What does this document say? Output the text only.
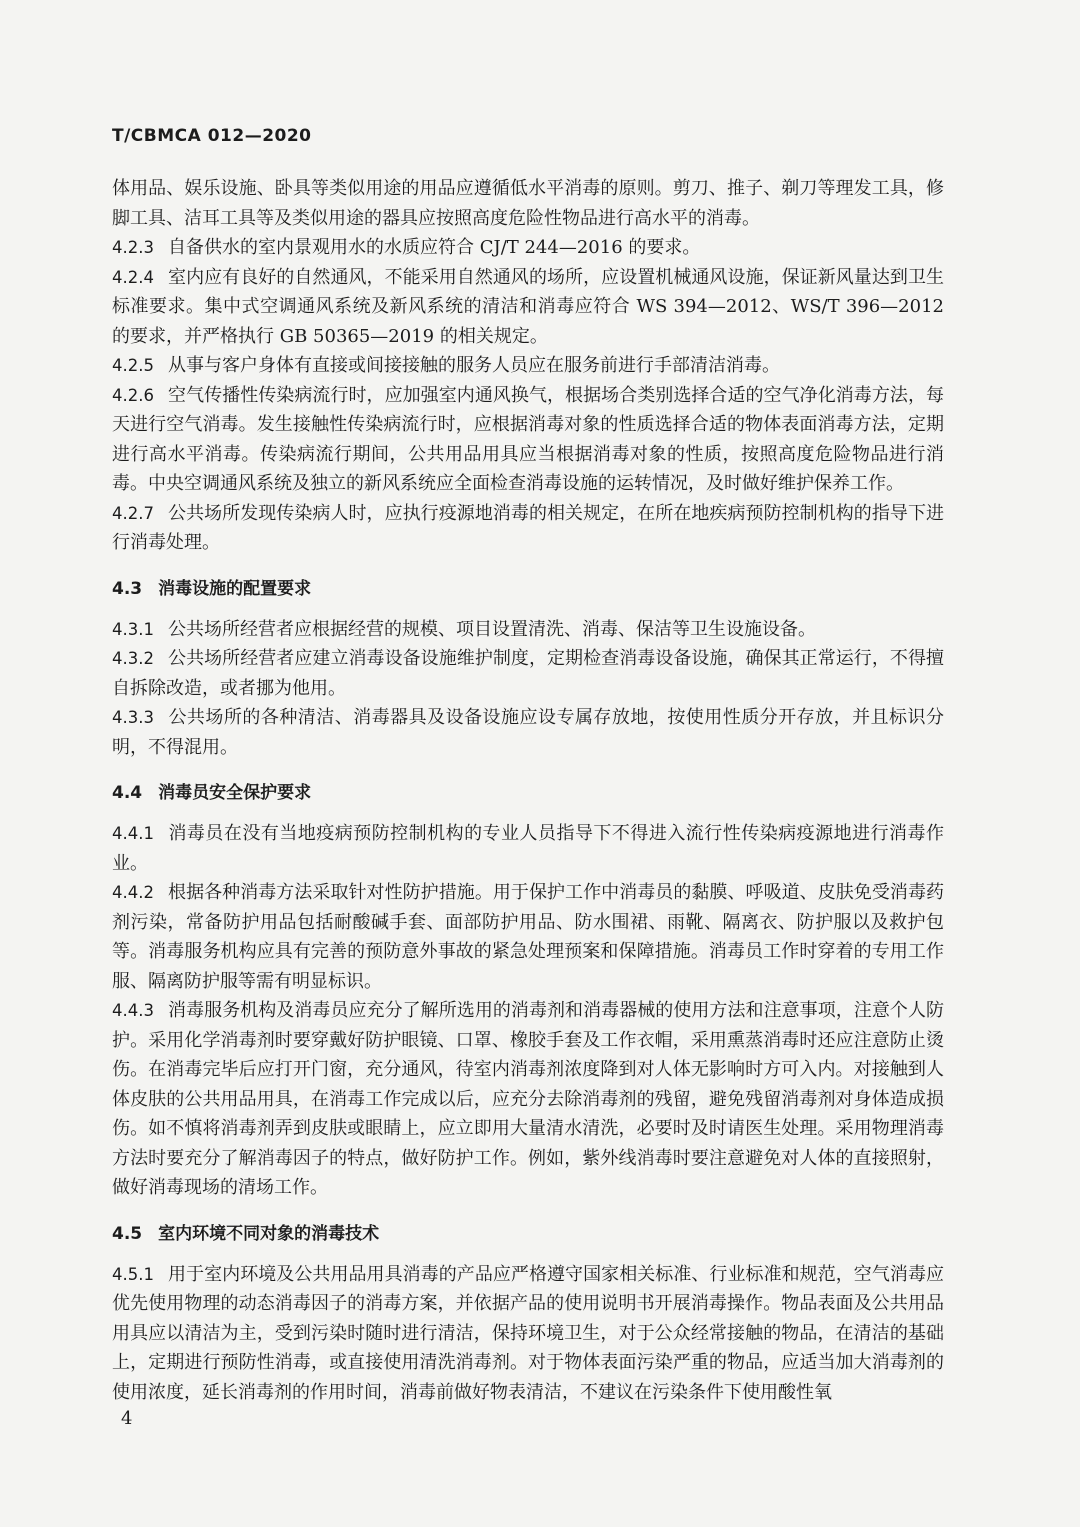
T/CBMCA 012—2020

体用品、娱乐设施、卧具等类似用途的用品应遵循低水平消毒的原则。剪刀、推子、剃刀等理发工具，修脚工具、洁耳工具等及类似用途的器具应按照高度危险性物品进行高水平的消毒。

4.2.3 自备供水的室内景观用水的水质应符合 CJ/T 244—2016 的要求。

4.2.4 室内应有良好的自然通风，不能采用自然通风的场所，应设置机械通风设施，保证新风量达到卫生标准要求。集中式空调通风系统及新风系统的清洁和消毒应符合 WS 394—2012、WS/T 396—2012 的要求，并严格执行 GB 50365—2019 的相关规定。

4.2.5 从事与客户身体有直接或间接接触的服务人员应在服务前进行手部清洁消毒。

4.2.6 空气传播性传染病流行时，应加强室内通风换气，根据场合类别选择合适的空气净化消毒方法，每天进行空气消毒。发生接触性传染病流行时，应根据消毒对象的性质选择合适的物体表面消毒方法，定期进行高水平消毒。传染病流行期间，公共用品用具应当根据消毒对象的性质，按照高度危险物品进行消毒。中央空调通风系统及独立的新风系统应全面检查消毒设施的运转情况，及时做好维护保养工作。

4.2.7 公共场所发现传染病人时，应执行疫源地消毒的相关规定，在所在地疾病预防控制机构的指导下进行消毒处理。

4.3 消毒设施的配置要求

4.3.1 公共场所经营者应根据经营的规模、项目设置清洗、消毒、保洁等卫生设施设备。

4.3.2 公共场所经营者应建立消毒设备设施维护制度，定期检查消毒设备设施，确保其正常运行，不得擅自拆除改造，或者挪为他用。

4.3.3 公共场所的各种清洁、消毒器具及设备设施应设专属存放地，按使用性质分开存放，并且标识分明，不得混用。

4.4 消毒员安全保护要求

4.4.1 消毒员在没有当地疫病预防控制机构的专业人员指导下不得进入流行性传染病疫源地进行消毒作业。

4.4.2 根据各种消毒方法采取针对性防护措施。用于保护工作中消毒员的黏膜、呼吸道、皮肤免受消毒药剂污染，常备防护用品包括耐酸碱手套、面部防护用品、防水围裙、雨靴、隔离衣、防护服以及救护包等。消毒服务机构应具有完善的预防意外事故的紧急处理预案和保障措施。消毒员工作时穿着的专用工作服、隔离防护服等需有明显标识。

4.4.3 消毒服务机构及消毒员应充分了解所选用的消毒剂和消毒器械的使用方法和注意事项，注意个人防护。采用化学消毒剂时要穿戴好防护眼镜、口罩、橡胶手套及工作衣帽，采用熏蒸消毒时还应注意防止烫伤。在消毒完毕后应打开门窗，充分通风，待室内消毒剂浓度降到对人体无影响时方可入内。对接触到人体皮肤的公共用品用具，在消毒工作完成以后，应充分去除消毒剂的残留，避免残留消毒剂对身体造成损伤。如不慎将消毒剂弄到皮肤或眼睛上，应立即用大量清水清洗，必要时及时请医生处理。采用物理消毒方法时要充分了解消毒因子的特点，做好防护工作。例如，紫外线消毒时要注意避免对人体的直接照射，做好消毒现场的清场工作。

4.5 室内环境不同对象的消毒技术

4.5.1 用于室内环境及公共用品用具消毒的产品应严格遵守国家相关标准、行业标准和规范，空气消毒应优先使用物理的动态消毒因子的消毒方案，并依据产品的使用说明书开展消毒操作。物品表面及公共用品用具应以清洁为主，受到污染时随时进行清洁，保持环境卫生，对于公众经常接触的物品，在清洁的基础上，定期进行预防性消毒，或直接使用清洗消毒剂。对于物体表面污染严重的物品，应适当加大消毒剂的使用浓度，延长消毒剂的作用时间，消毒前做好物表清洁，不建议在污染条件下使用酸性氧

4
